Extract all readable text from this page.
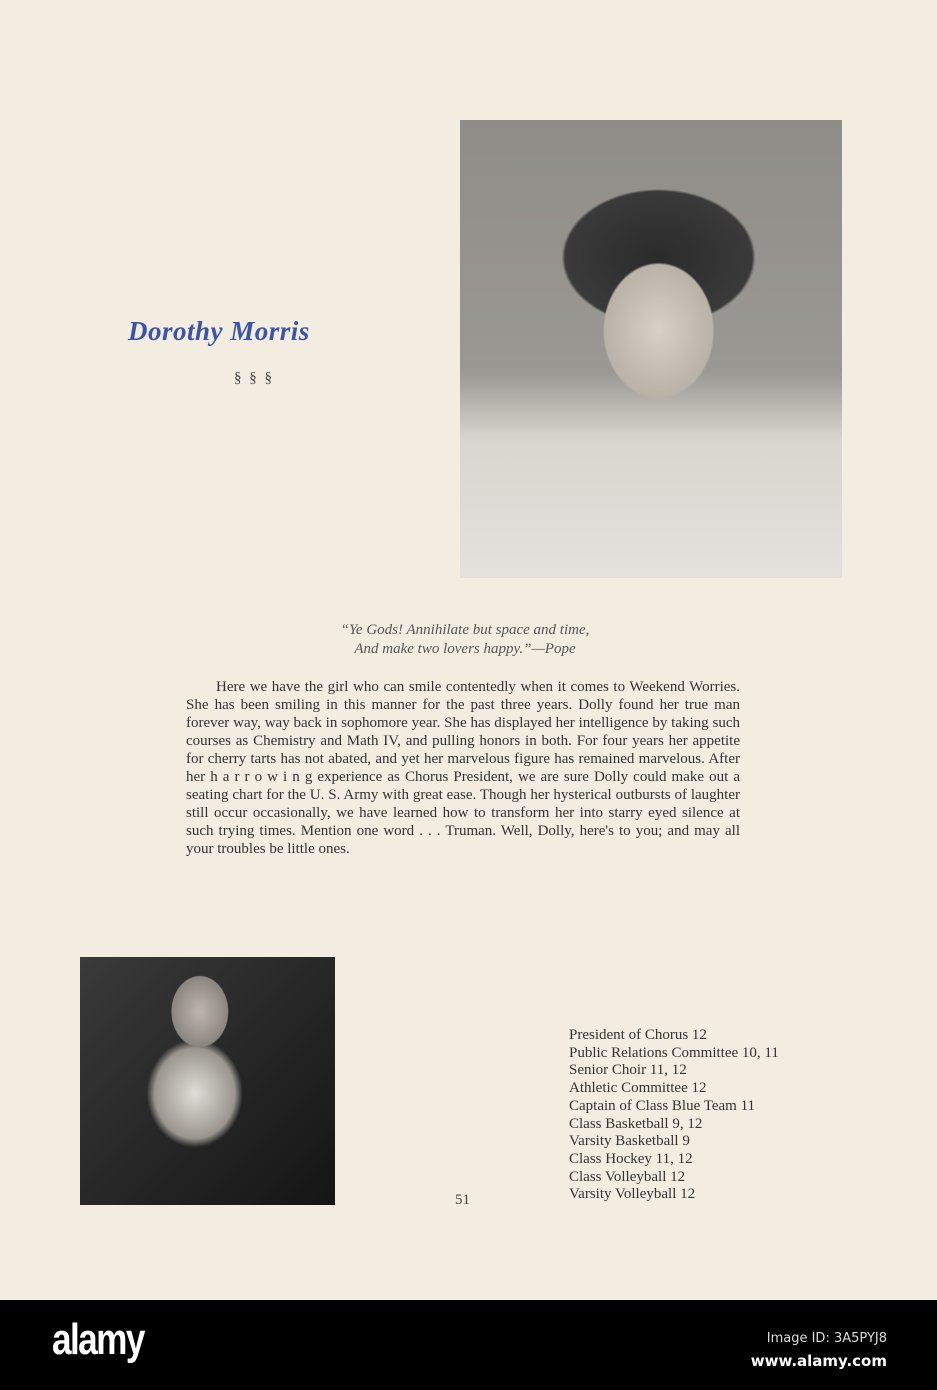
Dorothy Morris
§ § §
“Ye Gods! Annihilate but space and time,
And make two lovers happy.”—Pope

Here we have the girl who can smile contentedly when it comes to Weekend Worries. She has been smiling in this manner for the past three years. Dolly found her true man forever way, way back in sophomore year. She has displayed her intelligence by taking such courses as Chemistry and Math IV, and pulling honors in both. For four years her appetite for cherry tarts has not abated, and yet her marvelous figure has remained marvelous. After her h a r r o w i n g experience as Chorus President, we are sure Dolly could make out a seating chart for the U. S. Army with great ease. Though her hysterical outbursts of laughter still occur occasionally, we have learned how to transform her into starry eyed silence at such trying times. Mention one word . . . Truman. Well, Dolly, here's to you; and may all your troubles be little ones.

51
President of Chorus 12
Public Relations Committee 10, 11
Senior Choir 11, 12
Athletic Committee 12
Captain of Class Blue Team 11
Class Basketball 9, 12
Varsity Basketball 9
Class Hockey 11, 12
Class Volleyball 12
Varsity Volleyball 12
alamy	Image ID: 3A5PYJ8
www.alamy.com
